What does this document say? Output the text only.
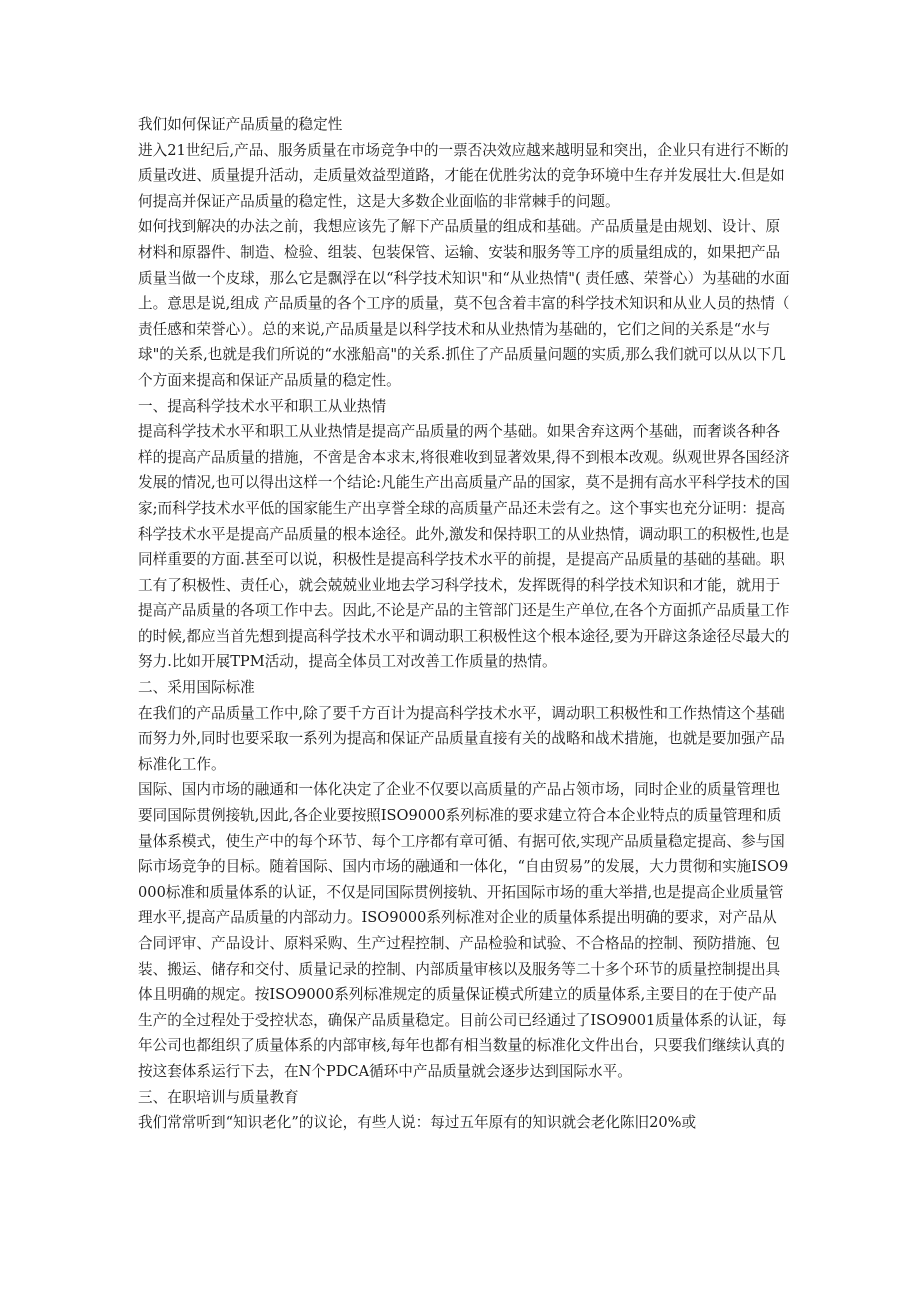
我们如何保证产品质量的稳定性

进入21世纪后,产品、服务质量在市场竞争中的一票否决效应越来越明显和突出，企业只有进行不断的质量改进、质量提升活动，走质量效益型道路，才能在优胜劣汰的竞争环境中生存并发展壮大.但是如何提高并保证产品质量的稳定性，这是大多数企业面临的非常棘手的问题。

如何找到解决的办法之前，我想应该先了解下产品质量的组成和基础。产品质量是由规划、设计、原材料和原器件、制造、检验、组装、包装保管、运输、安装和服务等工序的质量组成的，如果把产品质量当做一个皮球，那么它是飘浮在以“科学技术知识"和“从业热情"( 责任感、荣誉心）为基础的水面上。意思是说,组成 产品质量的各个工序的质量，莫不包含着丰富的科学技术知识和从业人员的热情（ 责任感和荣誉心）。总的来说,产品质量是以科学技术和从业热情为基础的，它们之间的关系是“水与球"的关系,也就是我们所说的“水涨船高"的关系.抓住了产品质量问题的实质,那么我们就可以从以下几个方面来提高和保证产品质量的稳定性。

一、提高科学技术水平和职工从业热情

提高科学技术水平和职工从业热情是提高产品质量的两个基础。如果舍弃这两个基础，而奢谈各种各样的提高产品质量的措施，不啻是舍本求末,将很难收到显著效果,得不到根本改观。纵观世界各国经济发展的情况,也可以得出这样一个结论:凡能生产出高质量产品的国家，莫不是拥有高水平科学技术的国家;而科学技术水平低的国家能生产出享誉全球的高质量产品还未尝有之。这个事实也充分证明：提高科学技术水平是提高产品质量的根本途径。此外,激发和保持职工的从业热情，调动职工的积极性,也是同样重要的方面.甚至可以说，积极性是提高科学技术水平的前提，是提高产品质量的基础的基础。职工有了积极性、责任心，就会兢兢业业地去学习科学技术，发挥既得的科学技术知识和才能，就用于提高产品质量的各项工作中去。因此,不论是产品的主管部门还是生产单位,在各个方面抓产品质量工作的时候,都应当首先想到提高科学技术水平和调动职工积极性这个根本途径,要为开辟这条途径尽最大的努力.比如开展TPM活动，提高全体员工对改善工作质量的热情。

二、采用国际标准

在我们的产品质量工作中,除了要千方百计为提高科学技术水平，调动职工积极性和工作热情这个基础而努力外,同时也要采取一系列为提高和保证产品质量直接有关的战略和战术措施，也就是要加强产品标准化工作。

国际、国内市场的融通和一体化决定了企业不仅要以高质量的产品占领市场，同时企业的质量管理也要同国际贯例接轨,因此,各企业要按照ISO9000系列标准的要求建立符合本企业特点的质量管理和质量体系模式，使生产中的每个环节、每个工序都有章可循、有据可依,实现产品质量稳定提高、参与国际市场竞争的目标。随着国际、国内市场的融通和一体化，“自由贸易”的发展，大力贯彻和实施ISO9000标准和质量体系的认证，不仅是同国际贯例接轨、开拓国际市场的重大举措,也是提高企业质量管理水平,提高产品质量的内部动力。ISO9000系列标准对企业的质量体系提出明确的要求，对产品从合同评审、产品设计、原料采购、生产过程控制、产品检验和试验、不合格品的控制、预防措施、包装、搬运、储存和交付、质量记录的控制、内部质量审核以及服务等二十多个环节的质量控制提出具体且明确的规定。按ISO9000系列标准规定的质量保证模式所建立的质量体系,主要目的在于使产品生产的全过程处于受控状态，确保产品质量稳定。目前公司已经通过了ISO9001质量体系的认证，每年公司也都组织了质量体系的内部审核,每年也都有相当数量的标准化文件出台，只要我们继续认真的按这套体系运行下去，在N个PDCA循环中产品质量就会逐步达到国际水平。

三、在职培训与质量教育

我们常常听到“知识老化”的议论，有些人说：每过五年原有的知识就会老化陈旧20%或
